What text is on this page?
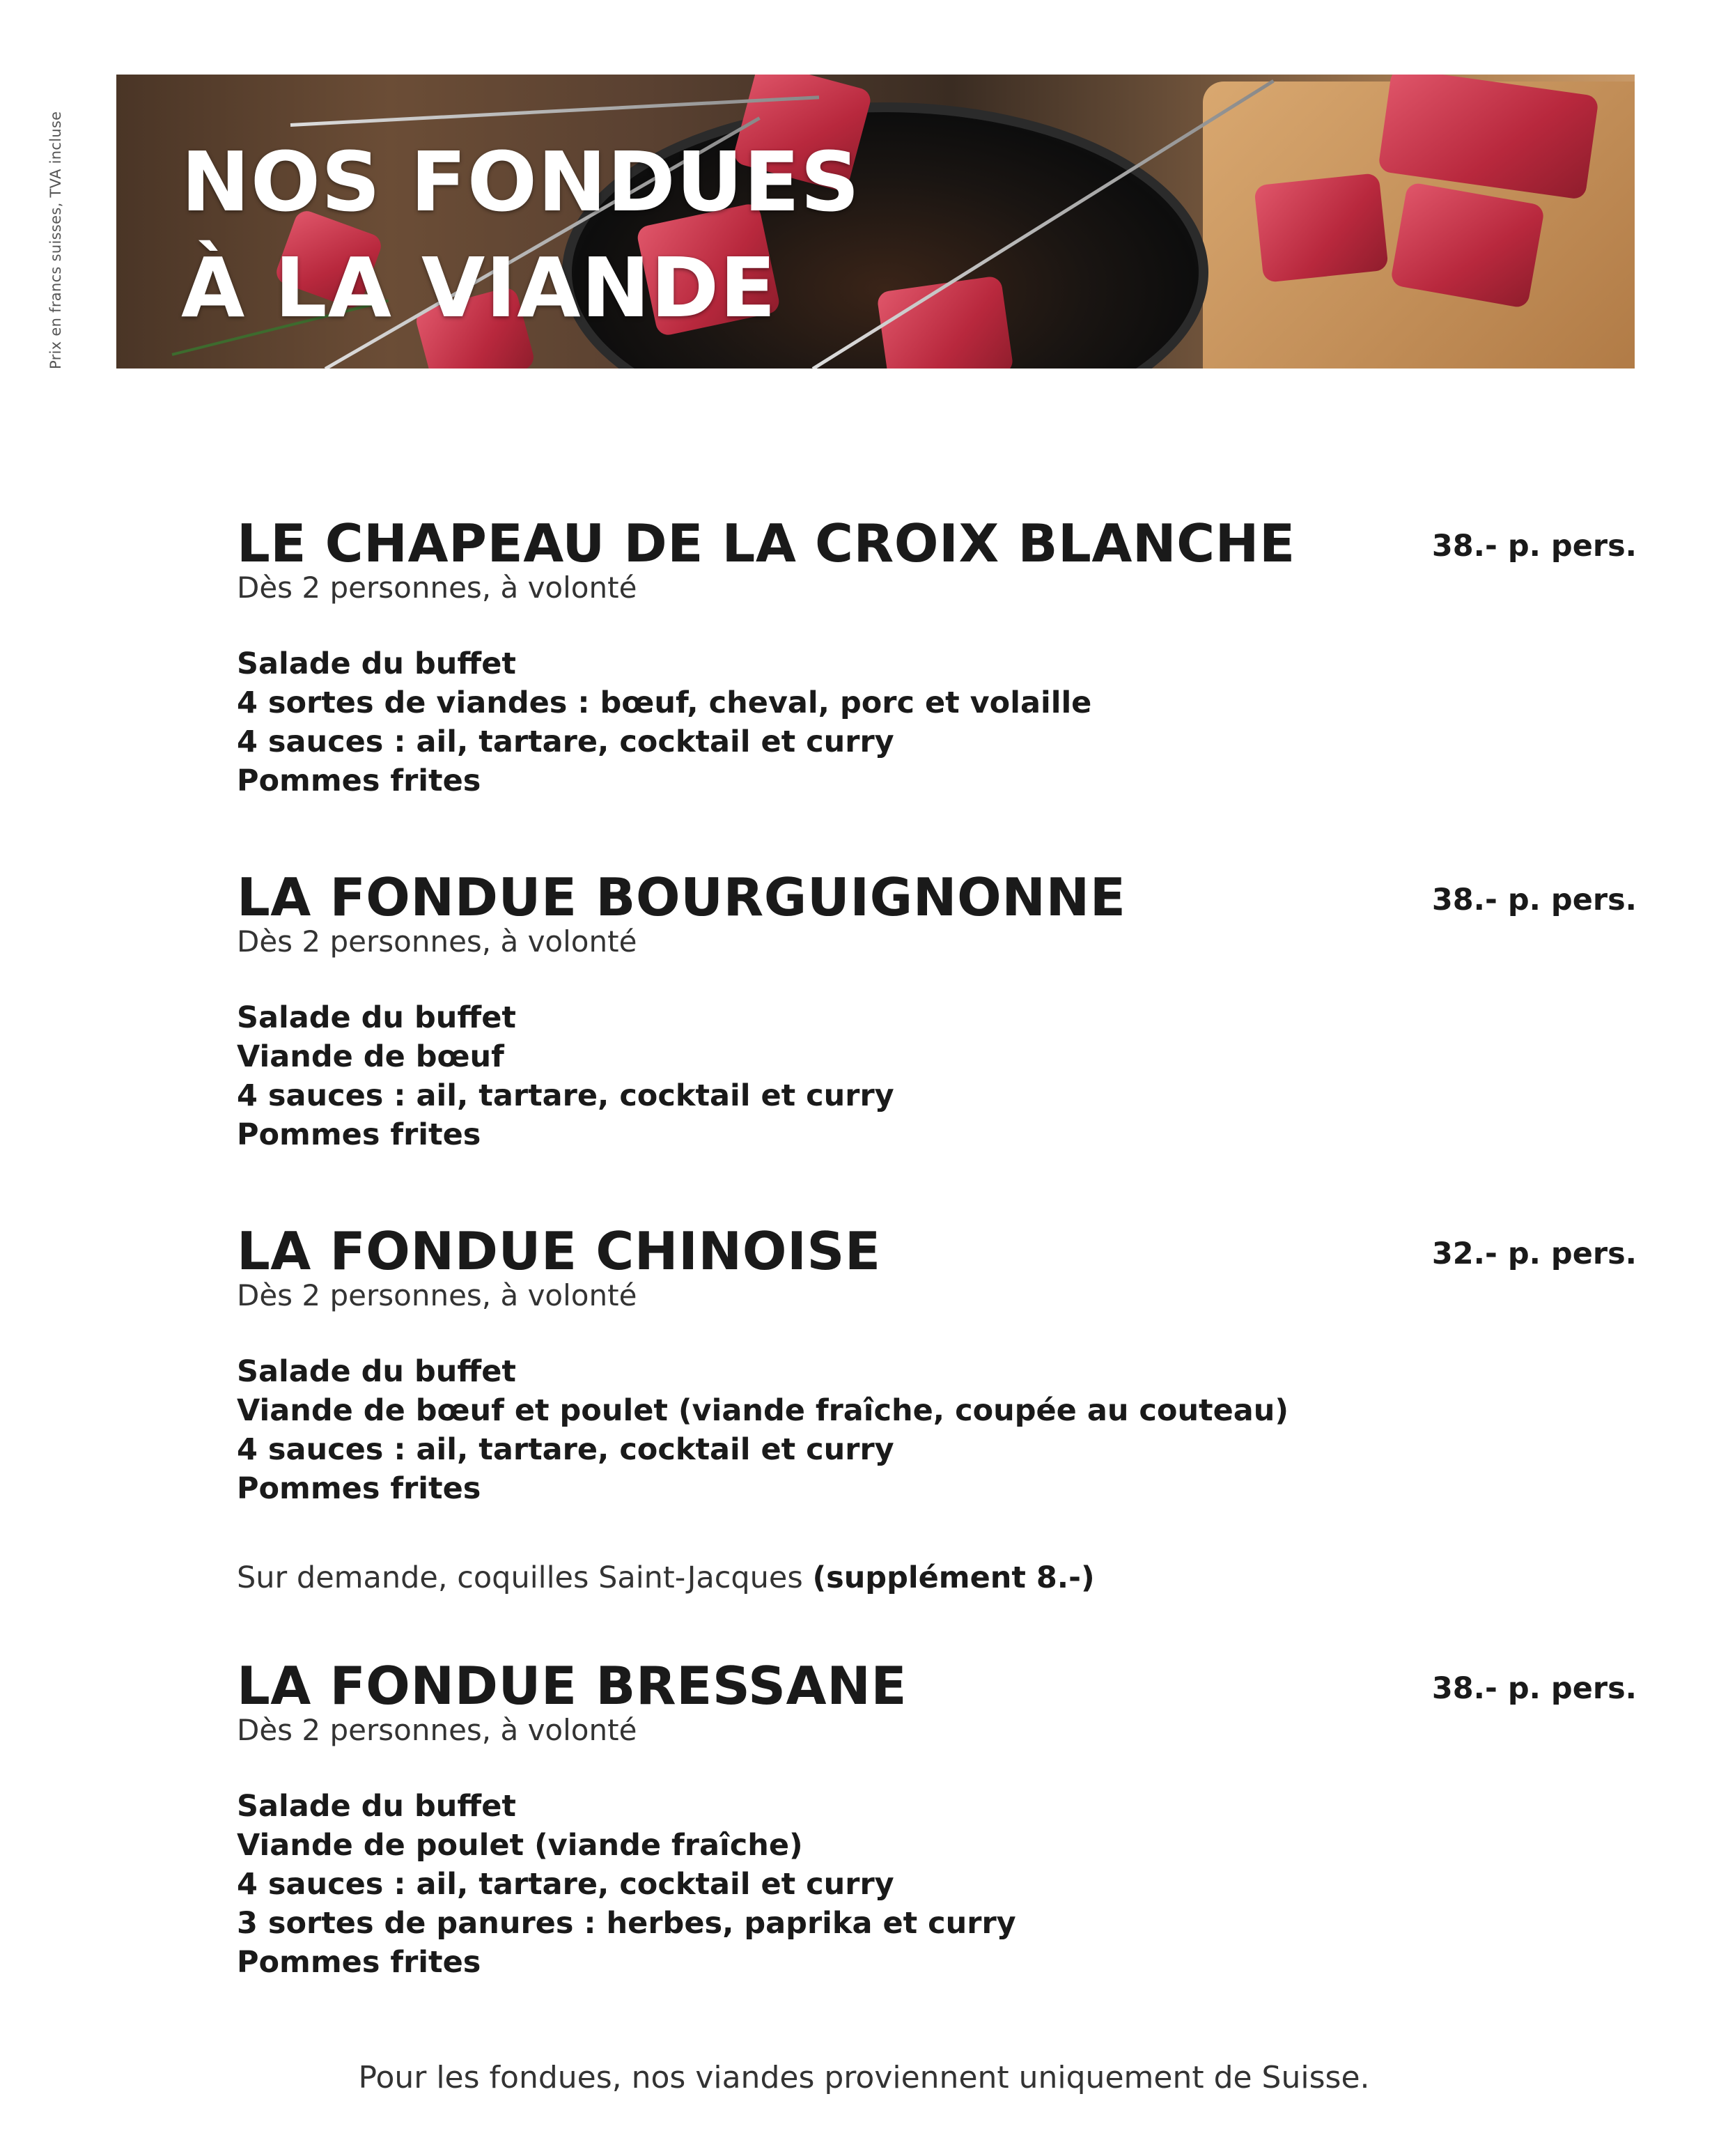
Prix en francs suisses, TVA incluse NOS FONDUES
À LA VIANDE
LE CHAPEAU DE LA CROIX BLANCHE	38.- p. pers.
Dès 2 personnes, à volonté
Salade du buffet
4 sortes de viandes : bœuf, cheval, porc et volaille
4 sauces : ail, tartare, cocktail et curry
Pommes frites
LA FONDUE BOURGUIGNONNE	38.- p. pers.
Dès 2 personnes, à volonté
Salade du buffet
Viande de bœuf
4 sauces : ail, tartare, cocktail et curry
Pommes frites
LA FONDUE CHINOISE	32.- p. pers.
Dès 2 personnes, à volonté
Salade du buffet
Viande de bœuf et poulet (viande fraîche, coupée au couteau)
4 sauces : ail, tartare, cocktail et curry
Pommes frites
Sur demande, coquilles Saint-Jacques (supplément 8.-)
LA FONDUE BRESSANE	38.- p. pers.
Dès 2 personnes, à volonté
Salade du buffet
Viande de poulet (viande fraîche)
4 sauces : ail, tartare, cocktail et curry
3 sortes de panures : herbes, paprika et curry
Pommes frites
Pour les fondues, nos viandes proviennent uniquement de Suisse.
